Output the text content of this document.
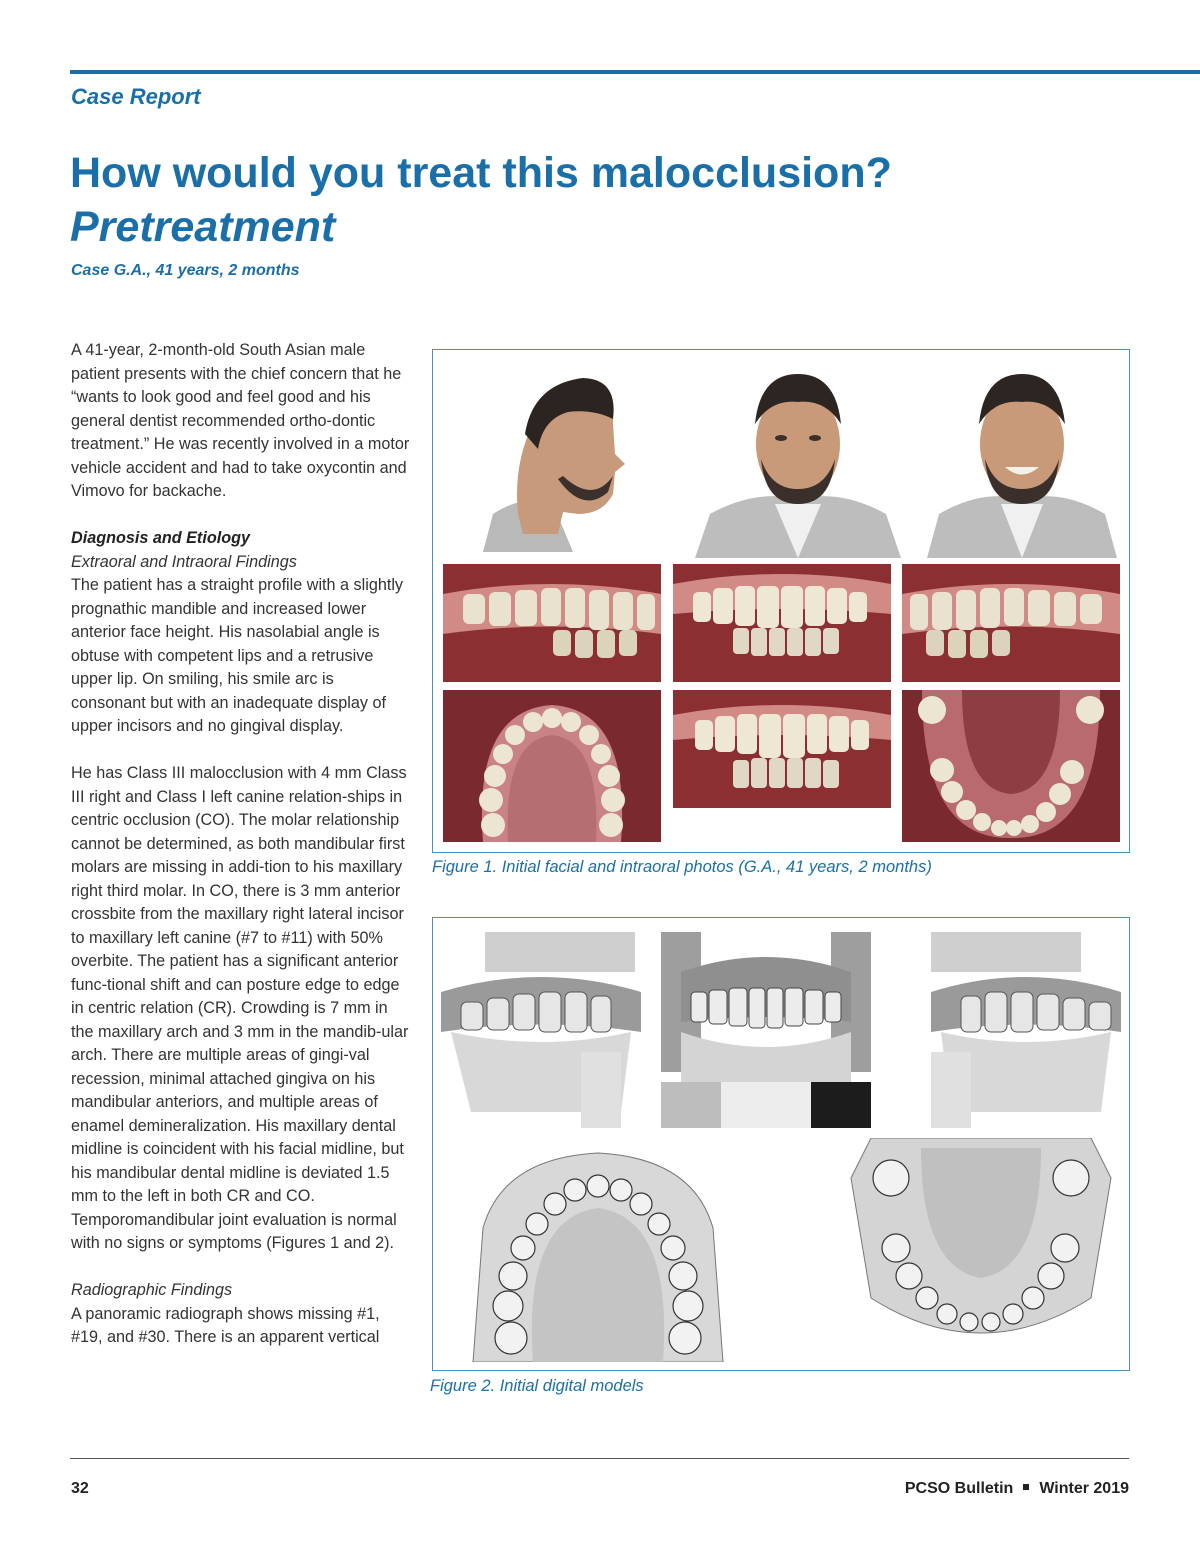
Case Report
How would you treat this malocclusion?
Pretreatment
Case G.A., 41 years, 2 months

A 41-year, 2-month-old South Asian male patient presents with the chief concern that he “wants to look good and feel good and his general dentist recommended ortho-dontic treatment.” He was recently involved in a motor vehicle accident and had to take oxycontin and Vimovo for backache.

Diagnosis and Etiology

Extraoral and Intraoral Findings

The patient has a straight profile with a slightly prognathic mandible and increased lower anterior face height. His nasolabial angle is obtuse with competent lips and a retrusive upper lip. On smiling, his smile arc is consonant but with an inadequate display of upper incisors and no gingival display.

He has Class III malocclusion with 4 mm Class III right and Class I left canine relation-ships in centric occlusion (CO). The molar relationship cannot be determined, as both mandibular first molars are missing in addi-tion to his maxillary right third molar. In CO, there is 3 mm anterior crossbite from the maxillary right lateral incisor to maxillary left canine (#7 to #11) with 50% overbite. The patient has a significant anterior func-tional shift and can posture edge to edge in centric relation (CR). Crowding is 7 mm in the maxillary arch and 3 mm in the mandib-ular arch. There are multiple areas of gingi-val recession, minimal attached gingiva on his mandibular anteriors, and multiple areas of enamel demineralization. His maxillary dental midline is coincident with his facial midline, but his mandibular dental midline is deviated 1.5 mm to the left in both CR and CO. Temporomandibular joint evaluation is normal with no signs or symptoms (Figures 1 and 2).

Radiographic Findings

A panoramic radiograph shows missing #1, #19, and #30. There is an apparent vertical

Figure 1. Initial facial and intraoral photos (G.A., 41 years, 2 months)
Figure 2. Initial digital models
32	PCSO Bulletin Winter 2019
